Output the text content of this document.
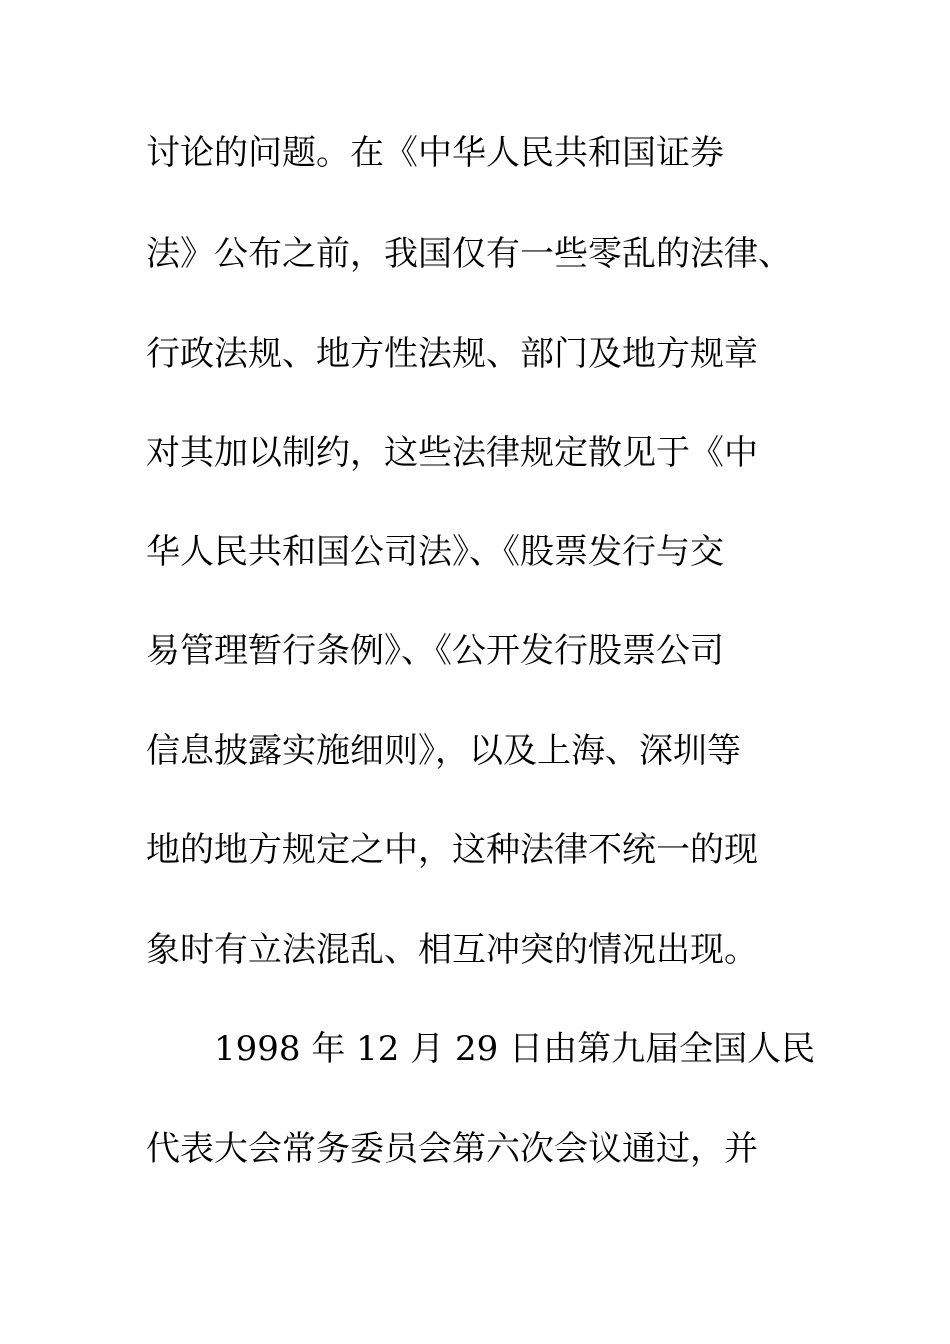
讨论的问题。在《中华人民共和国证券
法》公布之前，我国仅有一些零乱的法律、
行政法规、地方性法规、部门及地方规章
对其加以制约，这些法律规定散见于《中
华人民共和国公司法》、《股票发行与交
易管理暂行条例》、《公开发行股票公司
信息披露实施细则》，以及上海、深圳等
地的地方规定之中，这种法律不统一的现
象时有立法混乱、相互冲突的情况出现。
1998 年 12 月 29 日由第九届全国人民
代表大会常务委员会第六次会议通过，并
